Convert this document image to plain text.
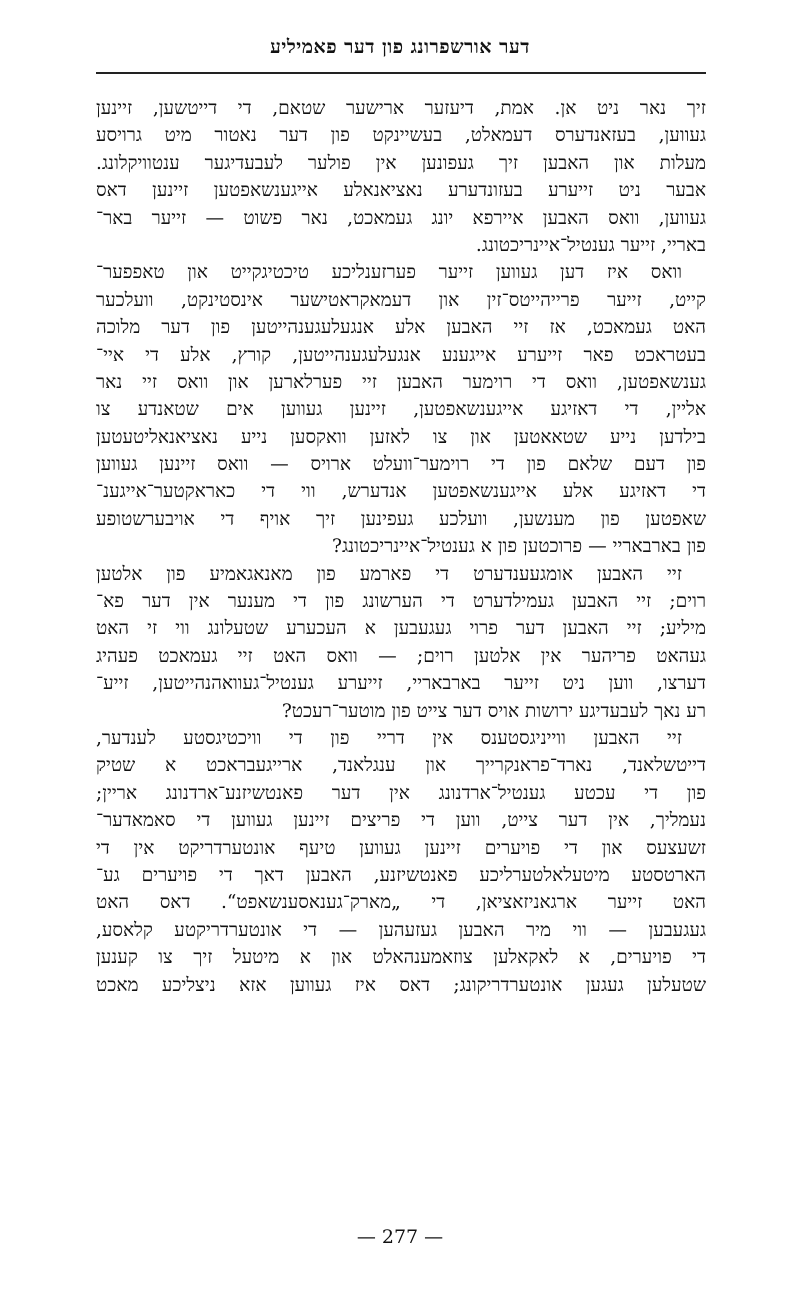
דער אורשפרונג פון דער פאמיליע
זיך נאר ניט אן. אמת, דיעזער ארישער שטאם, די דייטשען, זיינען
געווען, בעזאנדערס דעמאלט, בעשיינקט פון דער נאטור מיט גרויסע
מעלות און האבען זיך געפונען אין פולער לעבעדיגער ענטוויקלונג.
אבער ניט זייערע בעזונדערע נאציאנאלע אייגענשאפטען זיינען דאס
געווען, וואס האבען איירפא יונג געמאכט, נאר פשוט — זייער באר־
באריי, זייער גענטיל־איינריכטונג.
וואס איז דען געווען זייער פערזענליכע טיכטיגקייט און טאפפער־
קייט, זייער פרייהייטס־זין און דעמאקראטישער אינסטינקט, וועלכער
האט געמאכט, אז זיי האבען אלע אנגעלעגענהייטען פון דער מלוכה
בעטראכט פאר זייערע אייגענע אנגעלעגענהייטען, קורץ, אלע די איי־
גענשאפטען, וואס די רוימער האבען זיי פערלארען און וואס זיי נאר
אליין, די דאזיגע אייגענשאפטען, זיינען געווען אים שטאנדע צו
בילדען נייע שטאאטען און צו לאזען וואקסען נייע נאציאנאליטעטען
פון דעם שלאם פון די רוימער־וועלט ארויס — וואס זיינען געווען
די דאזיגע אלע אייגענשאפטען אנדערש, ווי די כאראקטער־אייגענ־
שאפטען פון מענשען, וועלכע געפינען זיך אויף די אויבערשטופע
פון בארבאריי — פרוכטען פון א גענטיל־איינריכטונג?
זיי האבען אומגעענדערט די פארמע פון מאנאגאמיע פון אלטען
רוים; זיי האבען געמילדערט די הערשונג פון די מענער אין דער פא־
מיליע; זיי האבען דער פרוי געגעבען א העכערע שטעלונג ווי זי האט
געהאט פריהער אין אלטען רוים; — וואס האט זיי געמאכט פעהיג
דערצו, ווען ניט זייער בארבאריי, זייערע גענטיל־געוואהנהייטען, זייע־
רע נאך לעבעדיגע ירושות אויס דער צייט פון מוטער־רעכט?
זיי האבען ווייניגסטענס אין דריי פון די וויכטיגסטע לענדער,
דייטשלאנד, נארד־פראנקרייך און ענגלאנד, ארייגעבראכט א שטיק
פון די עכטע גענטיל־ארדנונג אין דער פאנטשיזנע־ארדנונג אריין;
נעמליך, אין דער צייט, ווען די פריצים זיינען געווען די סאמאדער־
זשעצעס און די פויערים זיינען געווען טיעף אונטערדריקט אין די
הארטסטע מיטעלאלטערליכע פאנטשיזנע, האבען דאך די פויערים גע־
האט זייער ארגאניזאציאן, די „מארק־גענאסענשאפט“. דאס האט
געגעבען — ווי מיר האבען געזעהען — די אונטערדריקטע קלאסע,
די פויערים, א לאקאלען צוזאמענהאלט און א מיטעל זיך צו קענען
שטעלען געגען אונטערדריקונג; דאס איז געווען אזא ניצליכע מאכט
— 277 —
